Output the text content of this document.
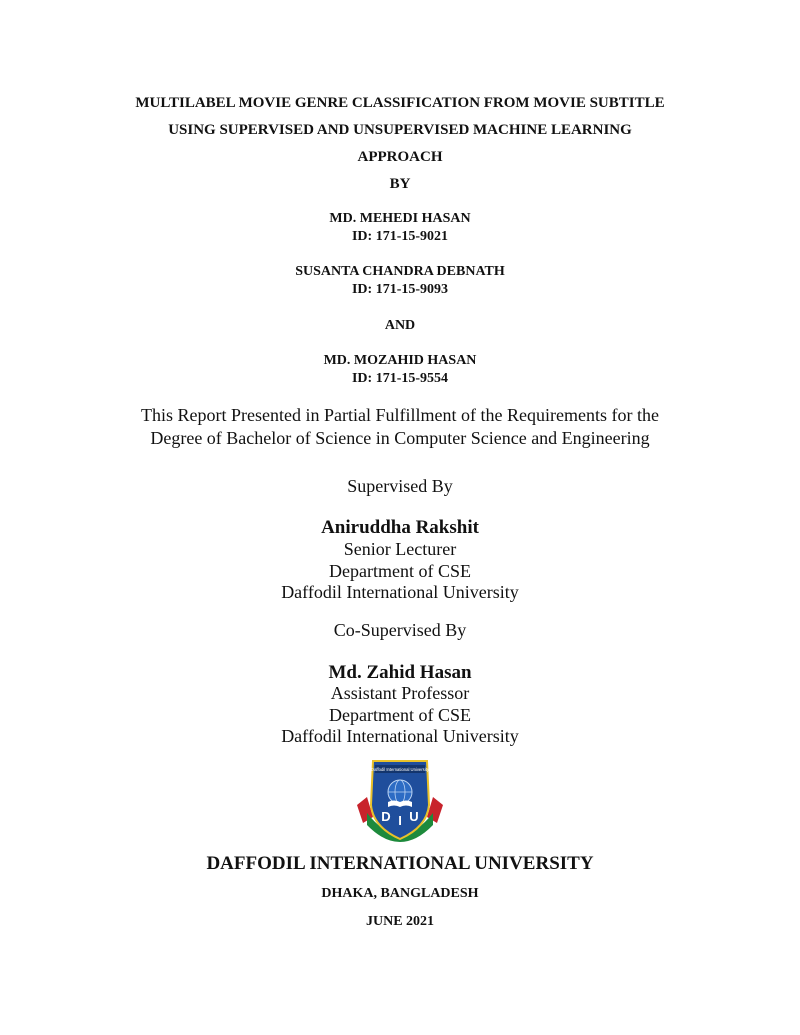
MULTILABEL MOVIE GENRE CLASSIFICATION FROM MOVIE SUBTITLE
USING SUPERVISED AND UNSUPERVISED MACHINE LEARNING
APPROACH
BY
MD. MEHEDI HASAN
ID: 171-15-9021
SUSANTA CHANDRA DEBNATH
ID: 171-15-9093
AND
MD. MOZAHID HASAN
ID: 171-15-9554
This Report Presented in Partial Fulfillment of the Requirements for the
Degree of Bachelor of Science in Computer Science and Engineering
Supervised By
Aniruddha Rakshit
Senior Lecturer
Department of CSE
Daffodil International University
Co-Supervised By
Md. Zahid Hasan
Assistant Professor
Department of CSE
Daffodil International University
Daffodil International University
D I U
DAFFODIL INTERNATIONAL UNIVERSITY
DHAKA, BANGLADESH
JUNE 2021
